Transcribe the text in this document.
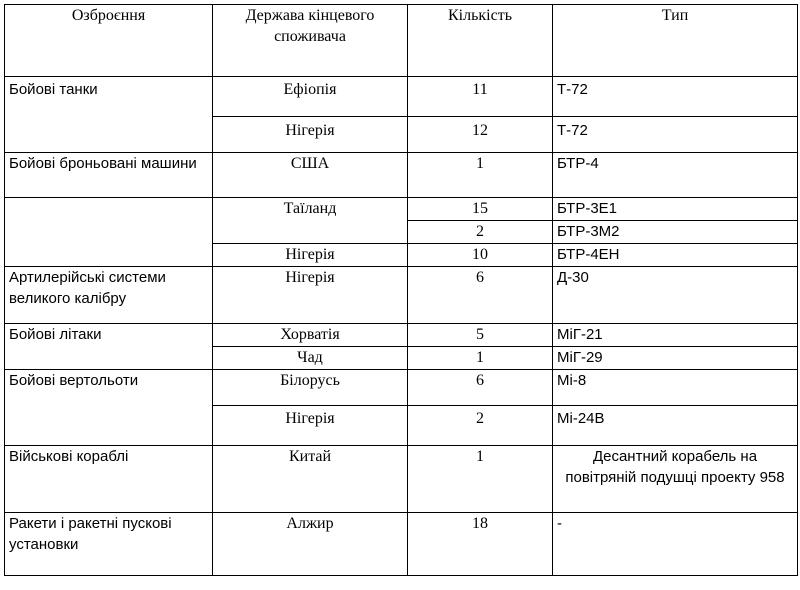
Озброєння	Держава кінцевого споживача	Кількість	Тип
Бойові танки	Ефіопія	11	Т-72
	Нігерія	12	Т-72
Бойові броньовані машини	США	1	БТР-4
	Таїланд	15	БТР-3Е1
		2	БТР-3М2
	Нігерія	10	БТР-4ЕН
Артилерійські системи великого калібру	Нігерія	6	Д-30
Бойові літаки	Хорватія	5	МіГ-21
	Чад	1	МіГ-29
Бойові вертольоти	Білорусь	6	Мі-8
	Нігерія	2	Мі-24В
Військові кораблі	Китай	1	Десантний корабель на повітряній подушці проекту 958
Ракети і ракетні пускові установки	Алжир	18	-
